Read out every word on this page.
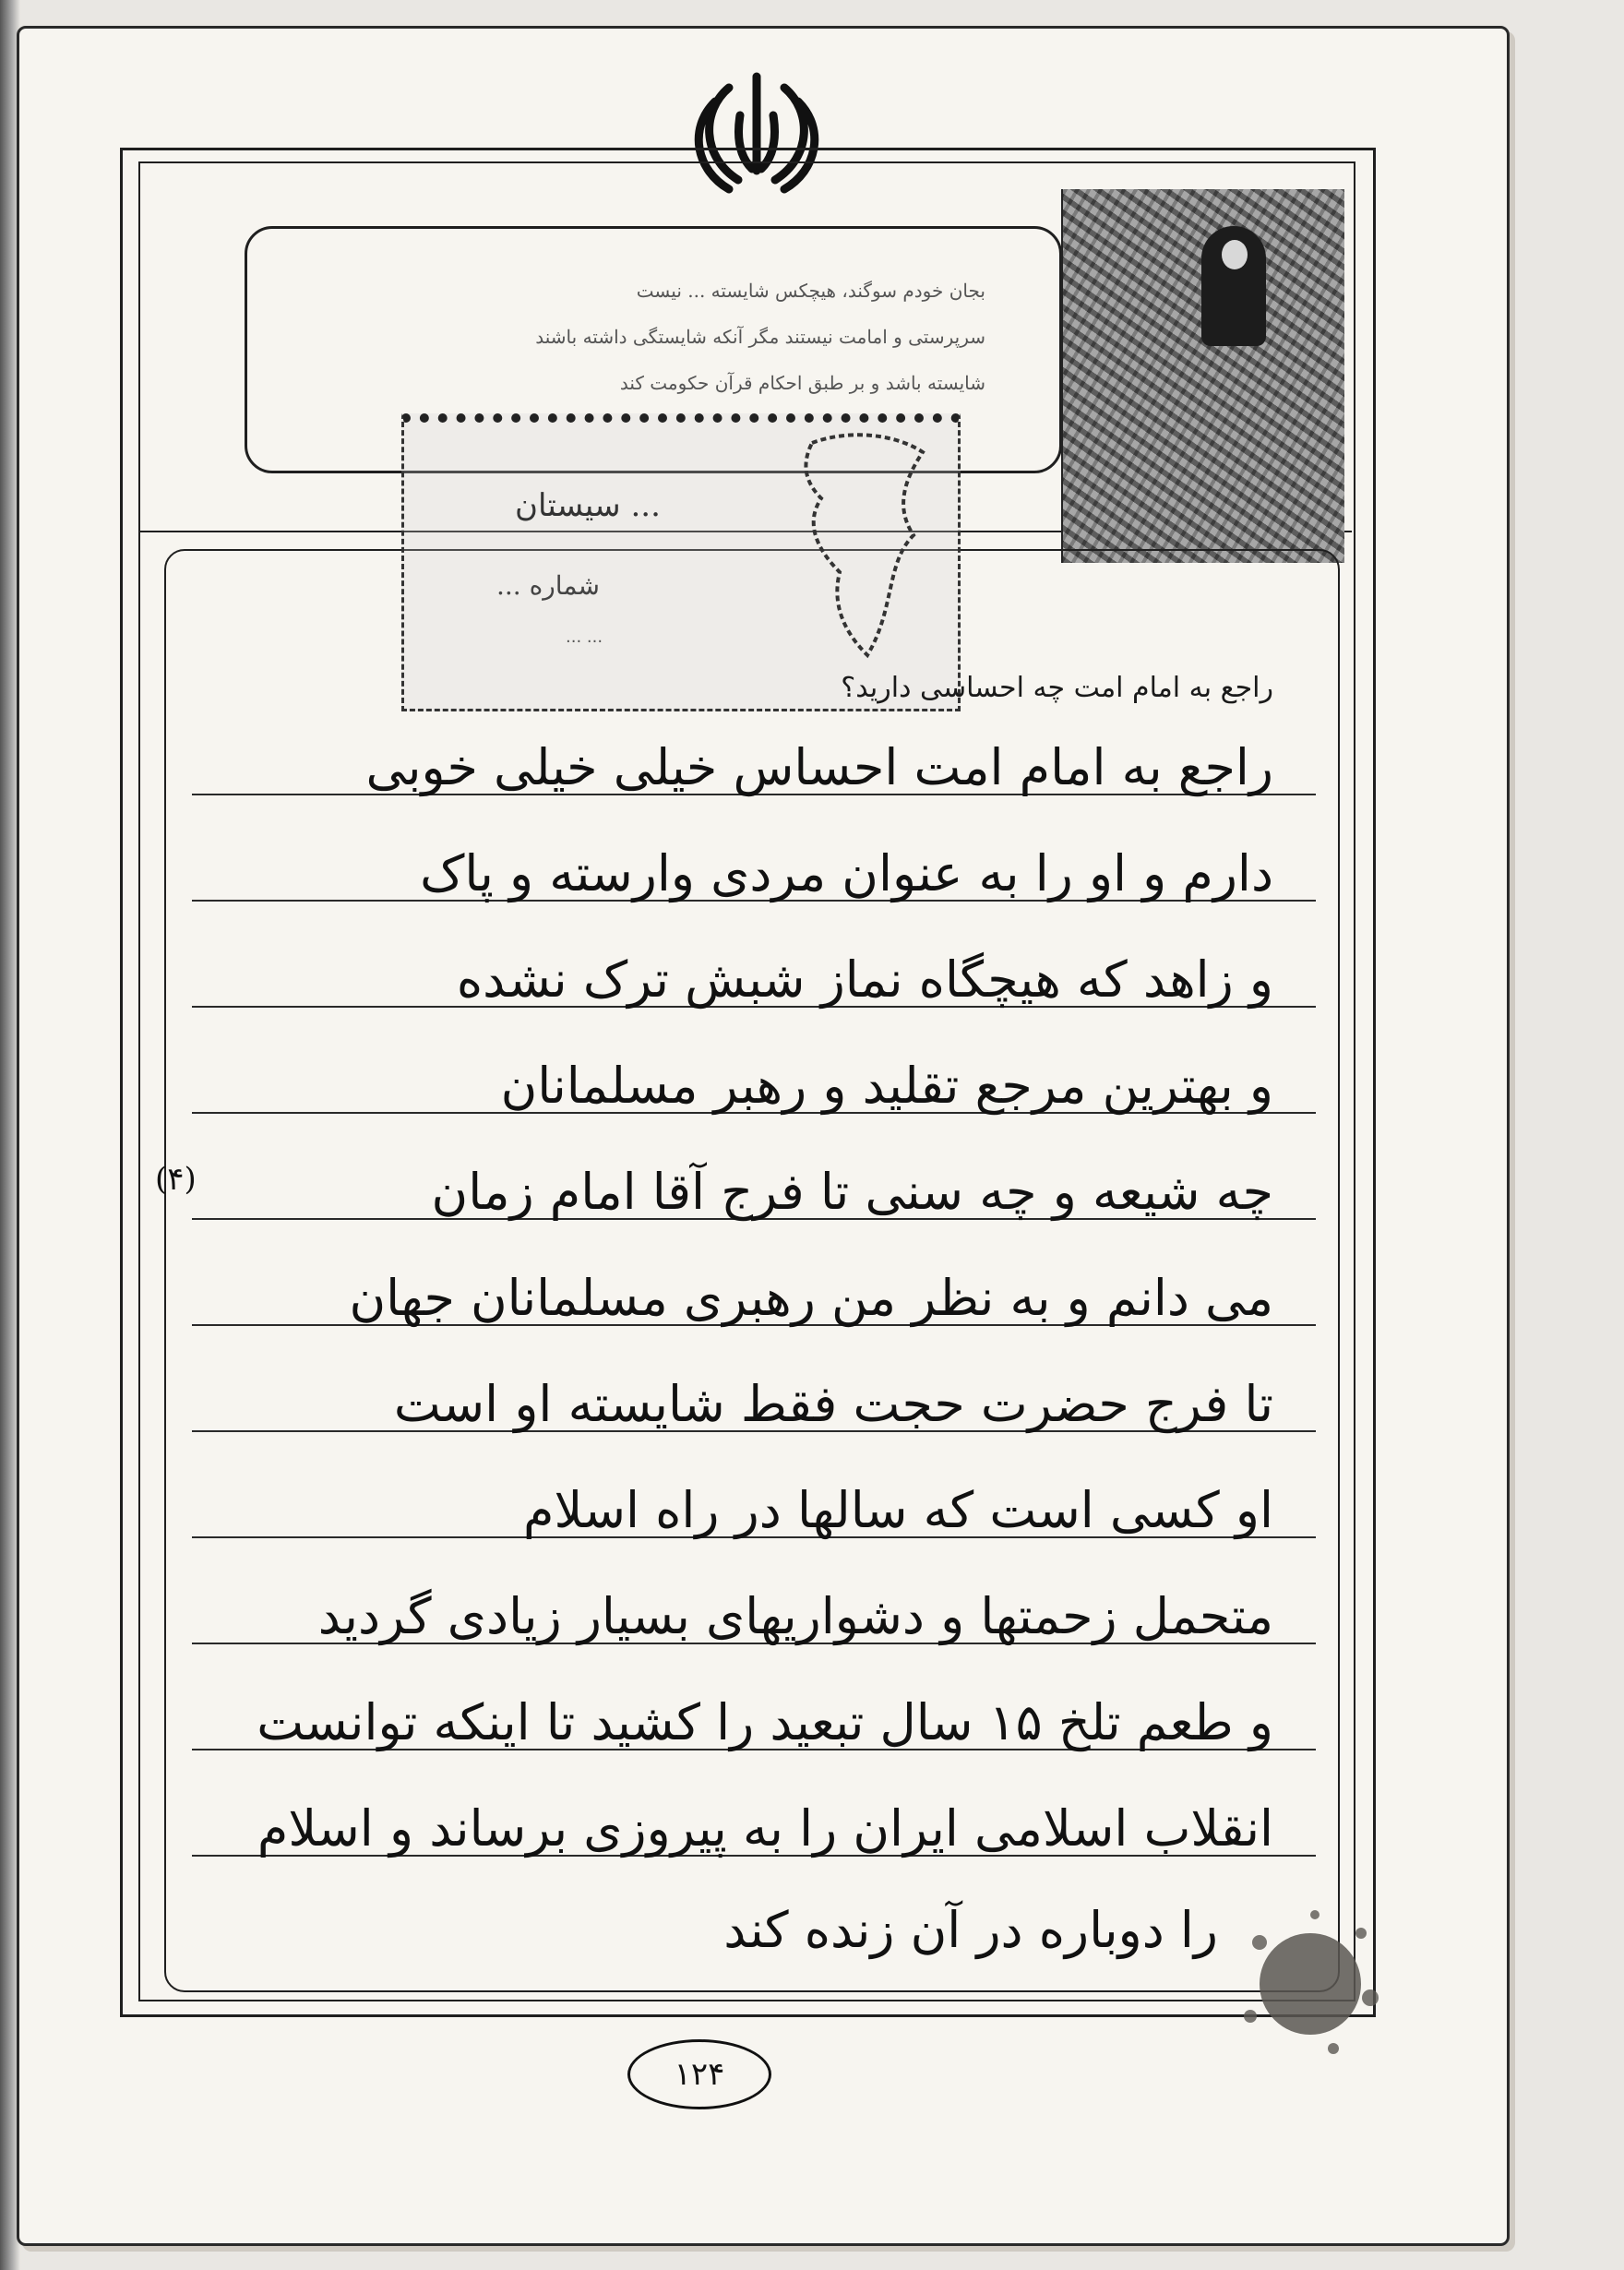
بجان خودم سوگند، هیچکس شایسته ... نیست
سرپرستی و امامت نیستند مگر آنکه شایستگی داشته باشند
شایسته باشد و بر طبق احکام قرآن حکومت کند
... سیستان
شماره ...
... ...
راجع به امام امت چه احساسی دارید؟
راجع به امام امت احساس خیلی خیلی خوبی
دارم و او را به عنوان مردی وارسته و پاک
و زاهد که هیچگاه نماز شبش ترک نشده
و بهترین مرجع تقلید و رهبر مسلمانان
چه شیعه و چه سنی تا فرج آقا امام زمان
می دانم و به نظر من رهبری مسلمانان جهان
تا فرج حضرت حجت فقط شایسته او است
او کسی است که سالها در راه اسلام
متحمل زحمتها و دشواریهای بسیار زیادی گردید
و طعم تلخ ۱۵ سال تبعید را کشید تا اینکه توانست
انقلاب اسلامی ایران را به پیروزی برساند و اسلام
را دوباره در آن زنده کند
(۴)
۱۲۴
